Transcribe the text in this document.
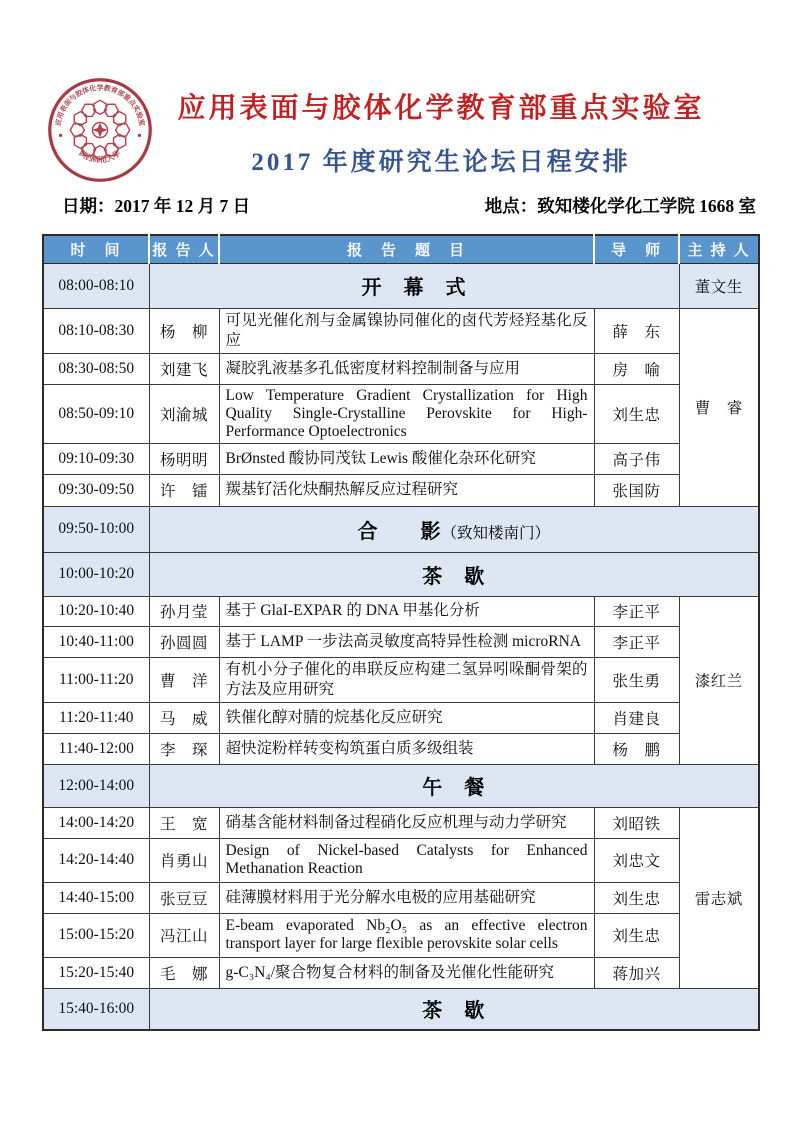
应用表面与胶体化学教育部重点实验室
陕西师范大学
应用表面与胶体化学教育部重点实验室
2017 年度研究生论坛日程安排
日期：2017 年 12 月 7 日	地点：致知楼化学化工学院 1668 室
时　间	报 告 人	报　告　题　目	导　师	主 持 人
08:00-08:10	开　幕　式			董文生
08:10-08:30	杨　柳	可见光催化剂与金属镍协同催化的卤代芳烃羟基化反应	薛　东	曹　睿
08:30-08:50	刘建飞	凝胶乳液基多孔低密度材料控制制备与应用	房　喻	
08:50-09:10	刘渝城	Low Temperature Gradient Crystallization for High Quality Single-Crystalline Perovskite for High-Performance Optoelectronics	刘生忠	
09:10-09:30	杨明明	BrØnsted 酸协同茂钛 Lewis 酸催化杂环化研究	高子伟	
09:30-09:50	许　镭	羰基钌活化炔酮热解反应过程研究	张国防	
09:50-10:00	合　　影（致知楼南门）			
10:00-10:20	茶　歇			
10:20-10:40	孙月莹	基于 GlaI-EXPAR 的 DNA 甲基化分析	李正平	漆红兰
10:40-11:00	孙圆圆	基于 LAMP 一步法高灵敏度高特异性检测 microRNA	李正平	
11:00-11:20	曹　洋	有机小分子催化的串联反应构建二氢异吲哚酮骨架的方法及应用研究	张生勇	
11:20-11:40	马　威	铁催化醇对腈的烷基化反应研究	肖建良	
11:40-12:00	李　琛	超快淀粉样转变构筑蛋白质多级组装	杨　鹏	
12:00-14:00	午　餐			
14:00-14:20	王　宽	硝基含能材料制备过程硝化反应机理与动力学研究	刘昭铁	雷志斌
14:20-14:40	肖勇山	Design of Nickel-based Catalysts for Enhanced Methanation Reaction	刘忠文	
14:40-15:00	张豆豆	硅薄膜材料用于光分解水电极的应用基础研究	刘生忠	
15:00-15:20	冯江山	E-beam evaporated Nb₂O₅ as an effective electron transport layer for large flexible perovskite solar cells	刘生忠	
15:20-15:40	毛　娜	g-C₃N₄/聚合物复合材料的制备及光催化性能研究	蒋加兴	
15:40-16:00	茶　歇			
